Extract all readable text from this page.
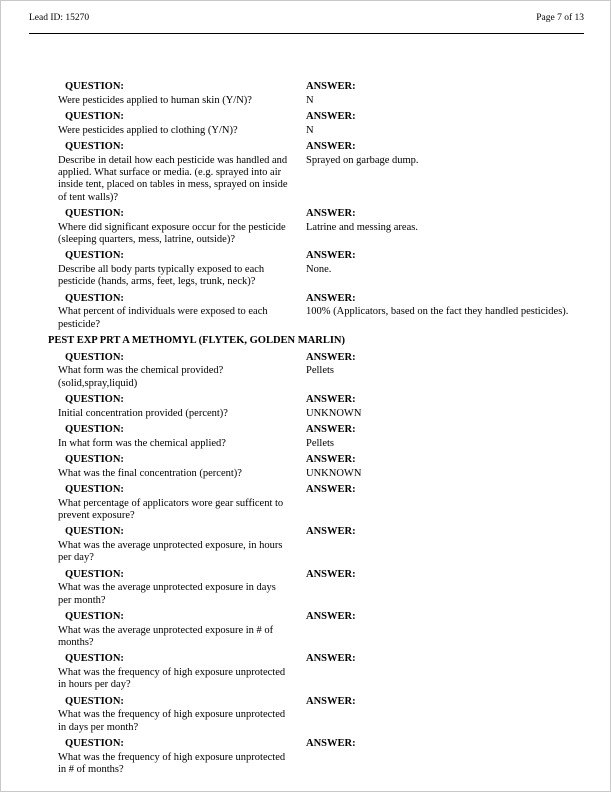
Lead ID: 15270	Page 7 of 13
QUESTION:
Were pesticides applied to human skin (Y/N)?
ANSWER:
N
QUESTION:
Were pesticides applied to clothing (Y/N)?
ANSWER:
N
QUESTION:
Describe in detail how each pesticide was handled and applied. What surface or media. (e.g. sprayed into air inside tent, placed on tables in mess, sprayed on inside of tent walls)?
ANSWER:
Sprayed on garbage dump.
QUESTION:
Where did significant exposure occur for the pesticide (sleeping quarters, mess, latrine, outside)?
ANSWER:
Latrine and messing areas.
QUESTION:
Describe all body parts typically exposed to each pesticide (hands, arms, feet, legs, trunk, neck)?
ANSWER:
None.
QUESTION:
What percent of individuals were exposed to each pesticide?
ANSWER:
100% (Applicators, based on the fact they handled pesticides).
PEST EXP PRT A METHOMYL (FLYTEK, GOLDEN MARLIN)
QUESTION:
What form was the chemical provided?(solid,spray,liquid)
ANSWER:
Pellets
QUESTION:
Initial concentration provided (percent)?
ANSWER:
UNKNOWN
QUESTION:
In what form was the chemical applied?
ANSWER:
Pellets
QUESTION:
What was the final concentration (percent)?
ANSWER:
UNKNOWN
QUESTION:
What percentage of applicators wore gear sufficent to prevent exposure?
ANSWER:
QUESTION:
What was the average unprotected exposure, in hours per day?
ANSWER:
QUESTION:
What was the average unprotected exposure in days per month?
ANSWER:
QUESTION:
What was the average unprotected exposure in # of months?
ANSWER:
QUESTION:
What was the frequency of high exposure unprotected in hours per day?
ANSWER:
QUESTION:
What was the frequency of high exposure unprotected in days per month?
ANSWER:
QUESTION:
What was the frequency of high exposure unprotected in # of months?
ANSWER:
